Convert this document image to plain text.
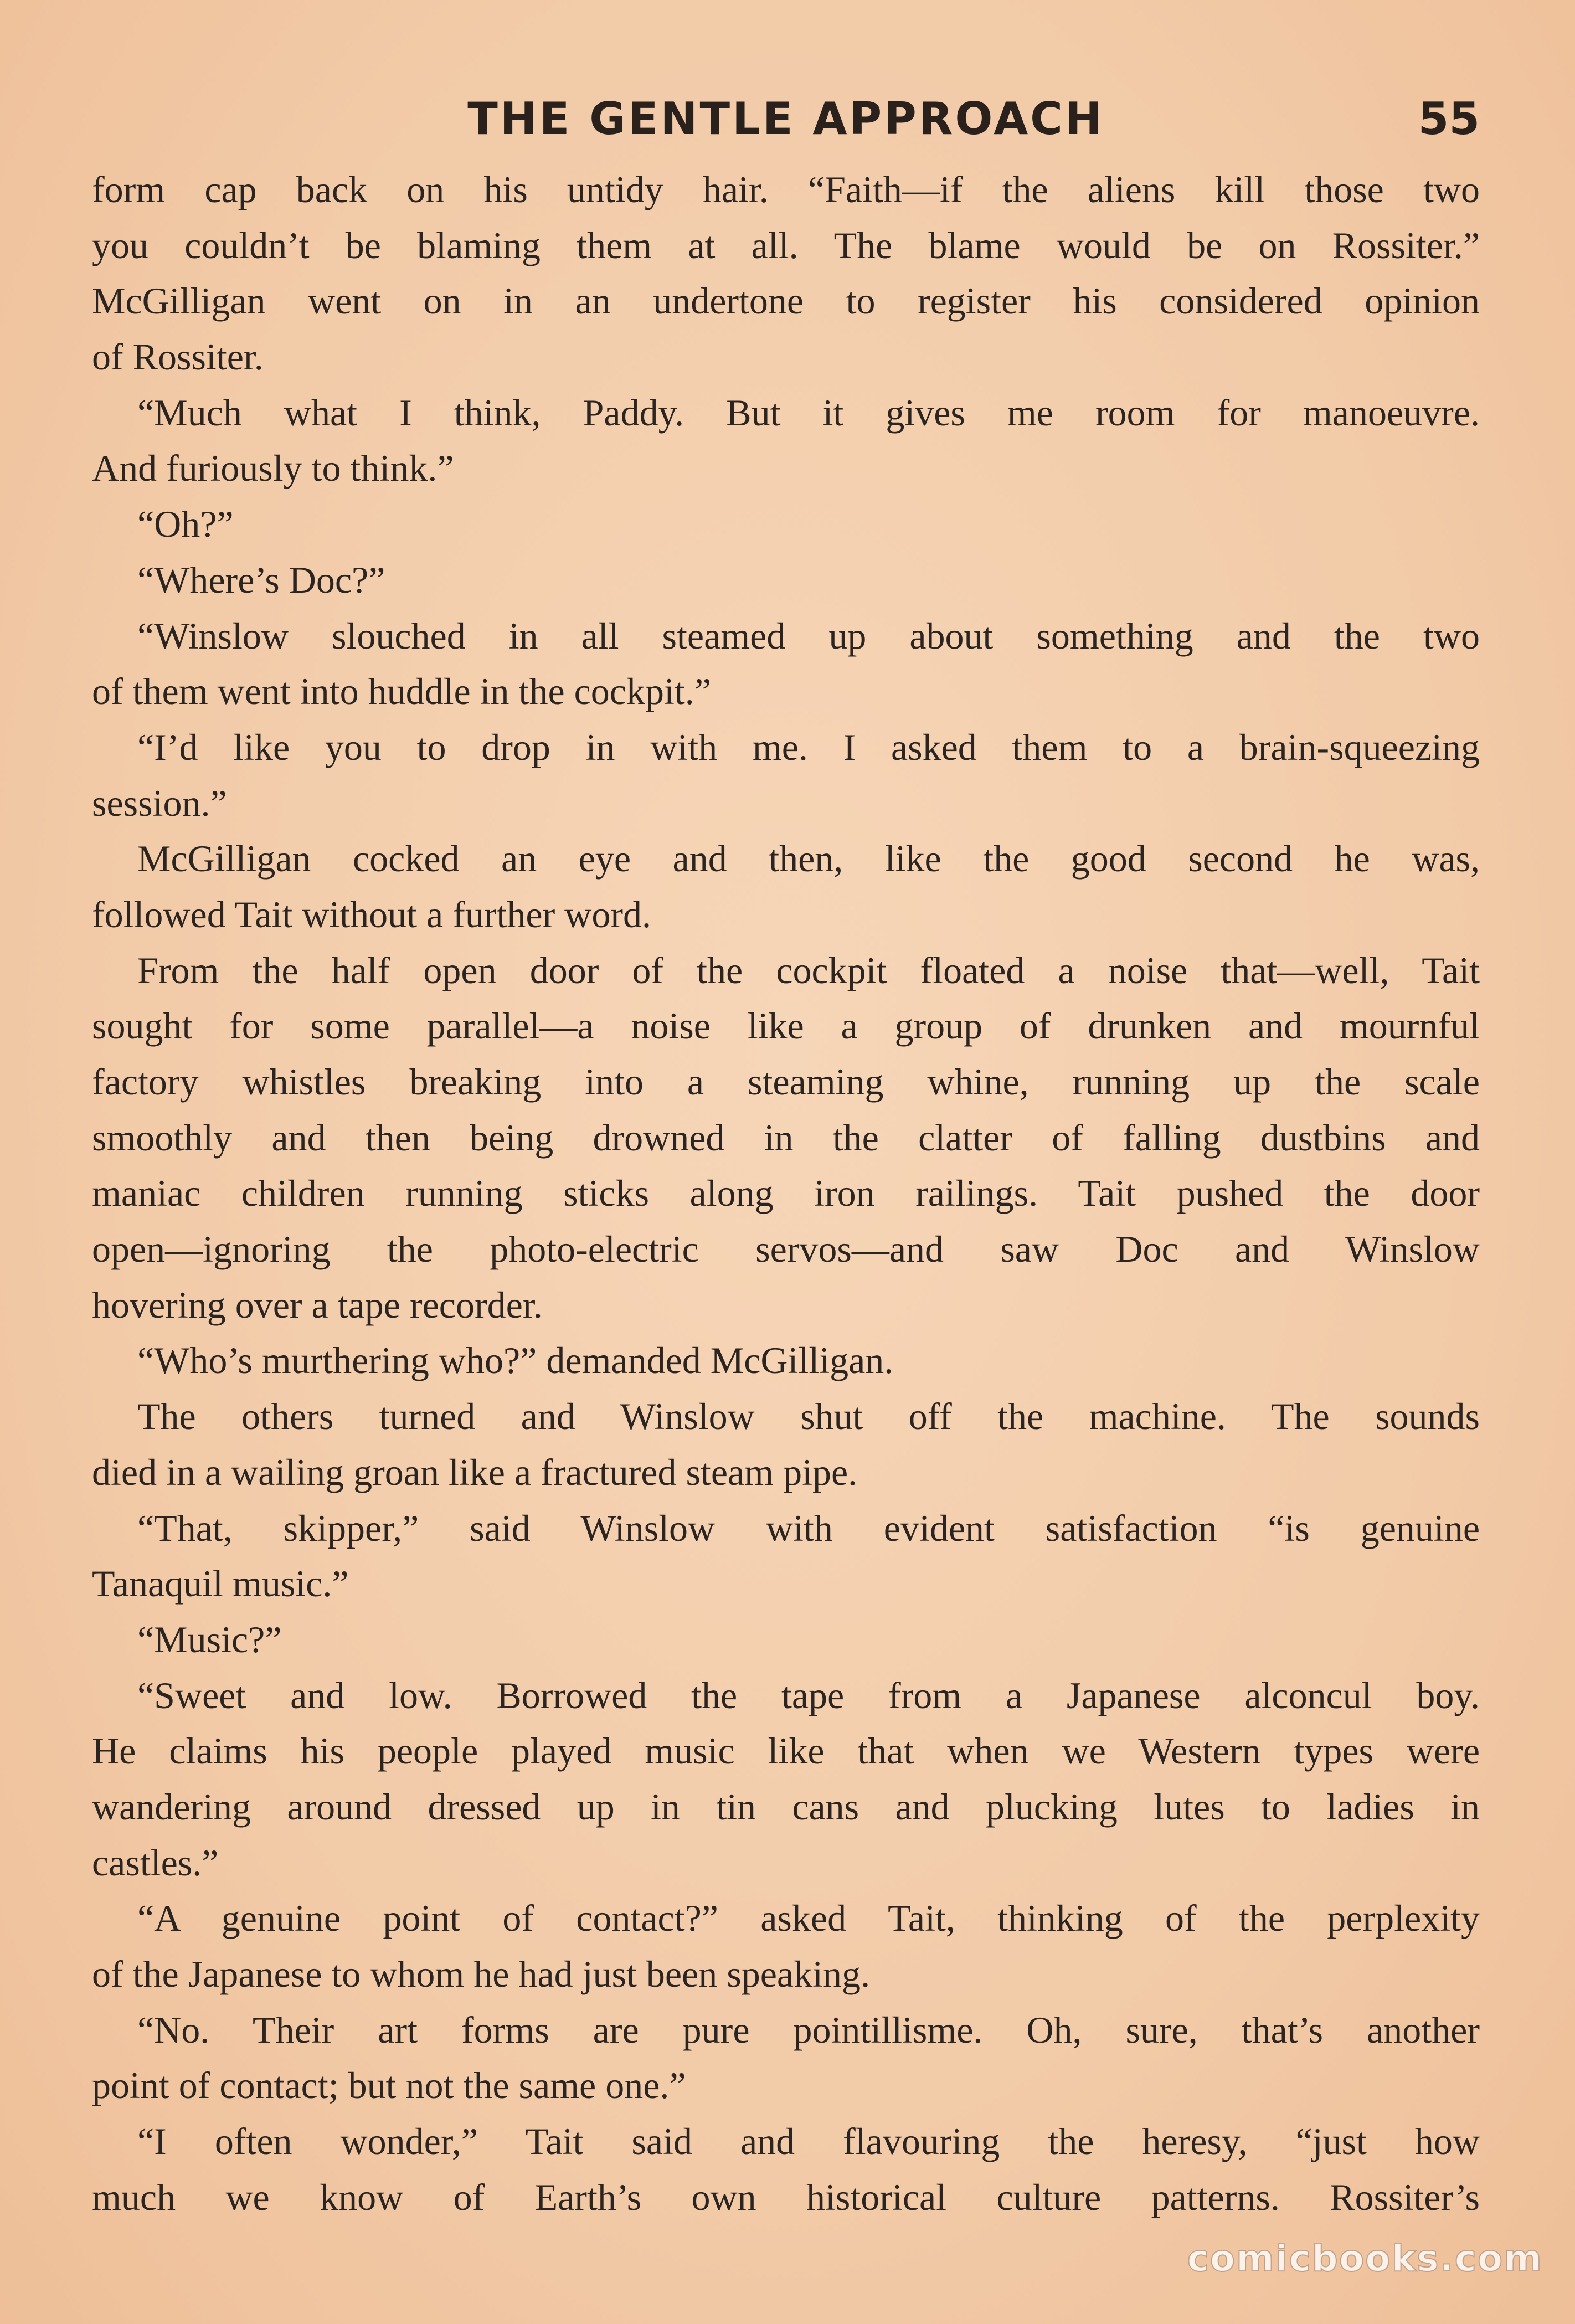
THE GENTLE APPROACH	55
form cap back on his untidy hair. “Faith—if the aliens kill those two
you couldn’t be blaming them at all. The blame would be on Rossiter.”
McGilligan went on in an undertone to register his considered opinion
of Rossiter.
“Much what I think, Paddy. But it gives me room for manoeuvre.
And furiously to think.”
“Oh?”
“Where’s Doc?”
“Winslow slouched in all steamed up about something and the two
of them went into huddle in the cockpit.”
“I’d like you to drop in with me. I asked them to a brain-squeezing
session.”
McGilligan cocked an eye and then, like the good second he was,
followed Tait without a further word.
From the half open door of the cockpit floated a noise that—well, Tait
sought for some parallel—a noise like a group of drunken and mournful
factory whistles breaking into a steaming whine, running up the scale
smoothly and then being drowned in the clatter of falling dustbins and
maniac children running sticks along iron railings. Tait pushed the door
open—ignoring the photo-electric servos—and saw Doc and Winslow
hovering over a tape recorder.
“Who’s murthering who?” demanded McGilligan.
The others turned and Winslow shut off the machine. The sounds
died in a wailing groan like a fractured steam pipe.
“That, skipper,” said Winslow with evident satisfaction “is genuine
Tanaquil music.”
“Music?”
“Sweet and low. Borrowed the tape from a Japanese alconcul boy.
He claims his people played music like that when we Western types were
wandering around dressed up in tin cans and plucking lutes to ladies in
castles.”
“A genuine point of contact?” asked Tait, thinking of the perplexity
of the Japanese to whom he had just been speaking.
“No. Their art forms are pure pointillisme. Oh, sure, that’s another
point of contact; but not the same one.”
“I often wonder,” Tait said and flavouring the heresy, “just how
much we know of Earth’s own historical culture patterns. Rossiter’s
comicbooks.com
